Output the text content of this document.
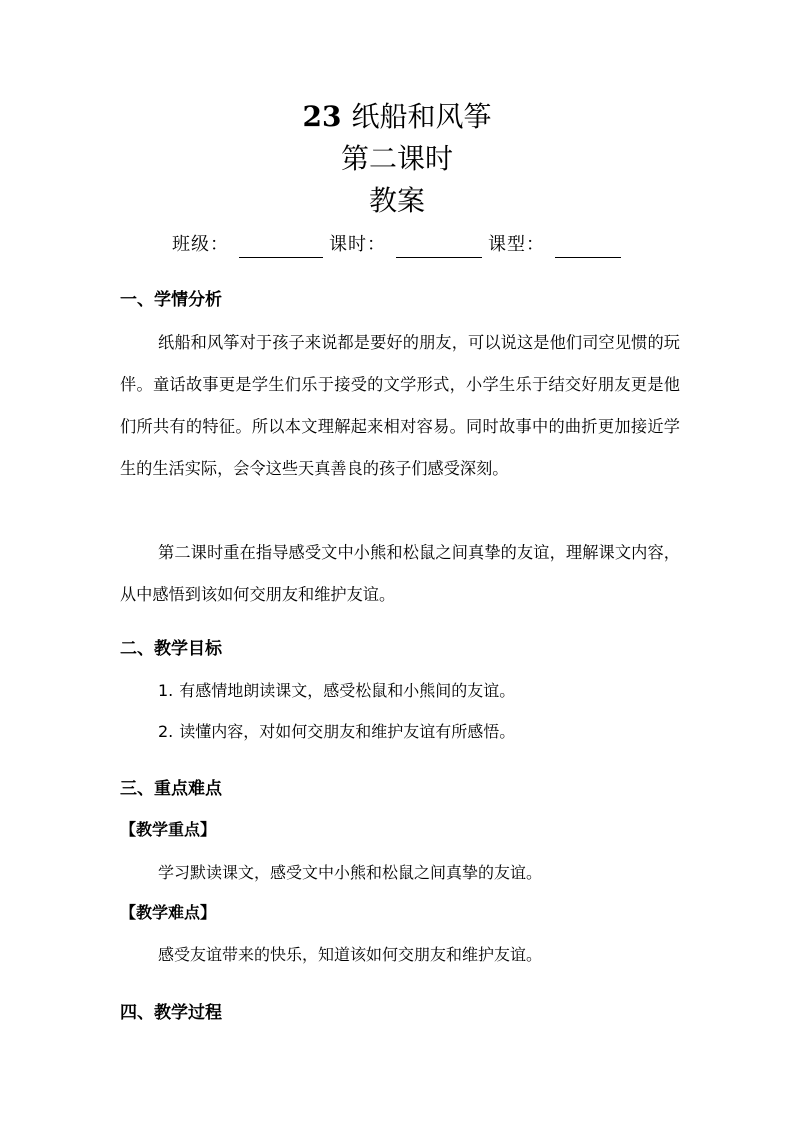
23 纸船和风筝
第二课时
教案
班级：	课时：	课型：
一、学情分析
纸船和风筝对于孩子来说都是要好的朋友，可以说这是他们司空见惯的玩伴。童话故事更是学生们乐于接受的文学形式，小学生乐于结交好朋友更是他们所共有的特征。所以本文理解起来相对容易。同时故事中的曲折更加接近学生的生活实际，会令这些天真善良的孩子们感受深刻。
第二课时重在指导感受文中小熊和松鼠之间真挚的友谊，理解课文内容，从中感悟到该如何交朋友和维护友谊。
二、教学目标
1. 有感情地朗读课文，感受松鼠和小熊间的友谊。
2. 读懂内容，对如何交朋友和维护友谊有所感悟。
三、重点难点
【教学重点】
学习默读课文，感受文中小熊和松鼠之间真挚的友谊。
【教学难点】
感受友谊带来的快乐，知道该如何交朋友和维护友谊。
四、教学过程
